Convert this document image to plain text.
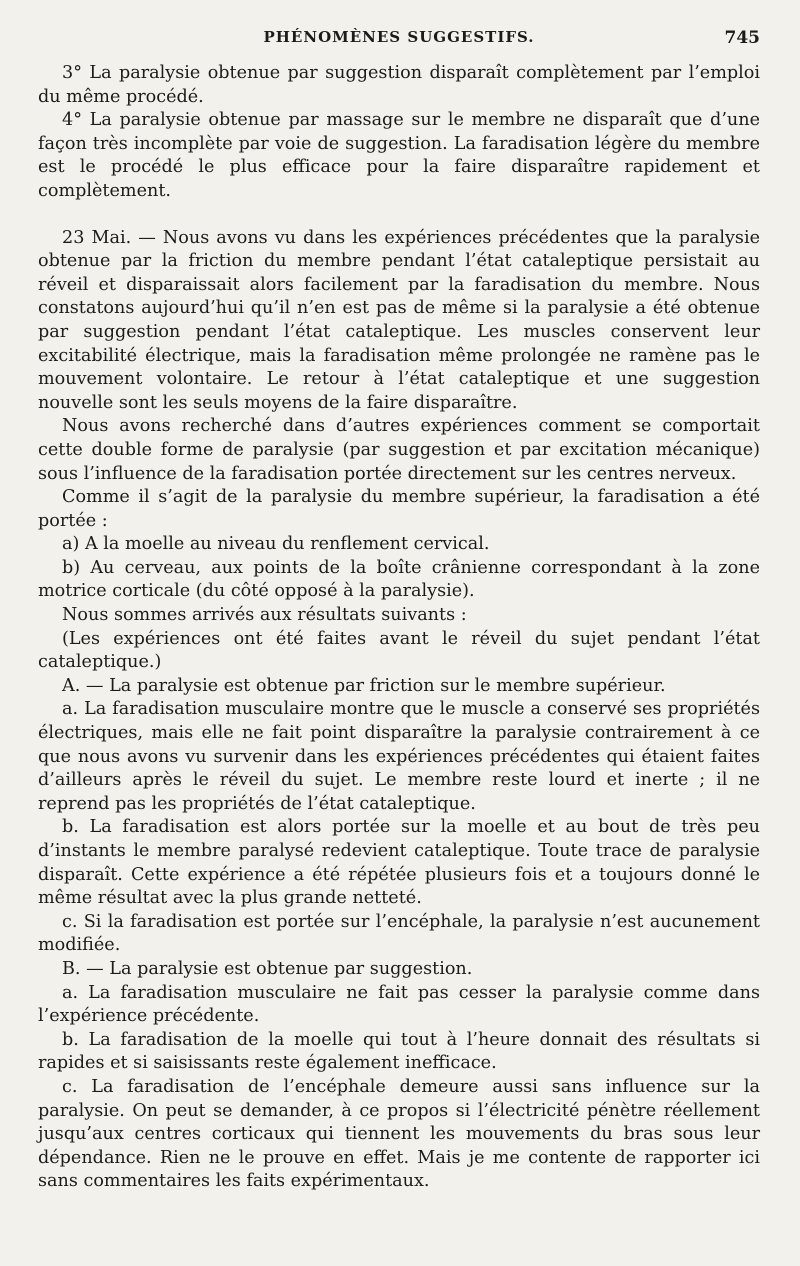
PHÉNOMÈNES SUGGESTIFS.	745

3° La paralysie obtenue par suggestion disparaît complètement par l’emploi du même procédé.

4° La paralysie obtenue par massage sur le membre ne disparaît que d’une façon très incomplète par voie de suggestion. La faradisation légère du membre est le procédé le plus efficace pour la faire disparaître rapidement et complètement.

23 Mai. — Nous avons vu dans les expériences précédentes que la paralysie obtenue par la friction du membre pendant l’état cataleptique persistait au réveil et disparaissait alors facilement par la faradisation du membre. Nous constatons aujourd’hui qu’il n’en est pas de même si la paralysie a été obtenue par suggestion pendant l’état cataleptique. Les muscles conservent leur excitabilité électrique, mais la faradisation même prolongée ne ramène pas le mouvement volontaire. Le retour à l’état cataleptique et une suggestion nouvelle sont les seuls moyens de la faire disparaître.

Nous avons recherché dans d’autres expériences comment se comportait cette double forme de paralysie (par suggestion et par excitation mécanique) sous l’influence de la faradisation portée directement sur les centres nerveux.

Comme il s’agit de la paralysie du membre supérieur, la faradisation a été portée :

a) A la moelle au niveau du renflement cervical.

b) Au cerveau, aux points de la boîte crânienne correspondant à la zone motrice corticale (du côté opposé à la paralysie).

Nous sommes arrivés aux résultats suivants :

(Les expériences ont été faites avant le réveil du sujet pendant l’état cataleptique.)

A. — La paralysie est obtenue par friction sur le membre supérieur.

a. La faradisation musculaire montre que le muscle a conservé ses propriétés électriques, mais elle ne fait point disparaître la paralysie contrairement à ce que nous avons vu survenir dans les expériences précédentes qui étaient faites d’ailleurs après le réveil du sujet. Le membre reste lourd et inerte ; il ne reprend pas les propriétés de l’état cataleptique.

b. La faradisation est alors portée sur la moelle et au bout de très peu d’instants le membre paralysé redevient cataleptique. Toute trace de paralysie disparaît. Cette expérience a été répétée plusieurs fois et a toujours donné le même résultat avec la plus grande netteté.

c. Si la faradisation est portée sur l’encéphale, la paralysie n’est aucunement modifiée.

B. — La paralysie est obtenue par suggestion.

a. La faradisation musculaire ne fait pas cesser la paralysie comme dans l’expérience précédente.

b. La faradisation de la moelle qui tout à l’heure donnait des résultats si rapides et si saisissants reste également inefficace.

c. La faradisation de l’encéphale demeure aussi sans influence sur la paralysie. On peut se demander, à ce propos si l’électricité pénètre réellement jusqu’aux centres corticaux qui tiennent les mouvements du bras sous leur dépendance. Rien ne le prouve en effet. Mais je me contente de rapporter ici sans commentaires les faits expérimentaux.
